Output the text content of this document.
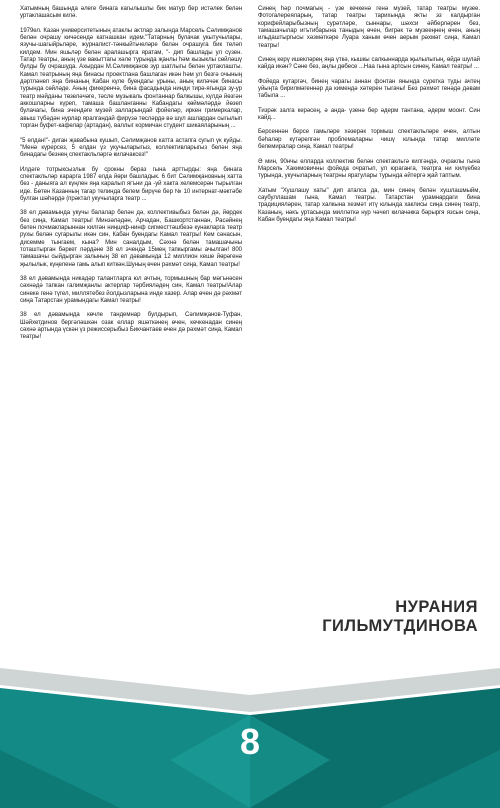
Хатымның башында әлеге бинага кагылышлы бик матур бер истәлек белән уртаклашасым килә.

1979ел. Казан университетының атаклы актлар залында Марсель Сәлимҗанов белән очрашу кичәсендә катнашкан идем."Татарның булачак укытучылары, язучы-шагыйрьләре, журналист-тәнкыйтьчеләре белән очрашуга бик теләп килдем. Мин яшьләр белән аралашырга яратам, "- дип башлады ул сүзен. Татар театры, аның үзе вакыттагы хәле турында җанлы һәм кызыклы сөйләшү булды бу очрашуда. Ахырдан М.Сәлимҗанов зур шатлыгы белән уртаклашты. Камал театрының яңа бинасы проектлана башлаган икән һәм ул безгә очының дәртләнеп яңа бинаның Кабан күле буендагы урыны, аның киләчәк бинасы турында сөйләде. Аның фикеренчә, бина фасадында нинди тирә-ягында зу-ур театр мәйданы төзеләчәге, тәсле музыкаль фонтаннар балкышы, күлдә йөзгән аккошларны күреп, тамаша башланганны Кабандагы көймәләрдә йөзеп булачагы, бина эчендәге музей залларындай фойеләр, иркен гримеркалар, авыш түбәдән нурлар яралгандай фирүзә төсләрдә вә шул ашлардан сыгылып торган буфет-кафелар (артадан), валлыг кормичан студент шикаяларының ...

"5 елдан!"- диган җавабына кушып, Сәлимҗанов катта астапга сугып үк куйды. "Менә күрерсез, 5 елдан үз укучыларыгыз, коллективларыгыз белән яңа бинадагы безнең спектакльләргә килачаксез!"

Илдәге тотрыксызлык бу срокны бераз гына арттырды: яңа бинага спектакльләр карарга 1987 елда йөри башладык. 6 бит Сәлимҗановның хатта без - даныяга ал күңлен яңа каралып ягъни да -уй хакта хелемсерән тырылган иде. Бөтен Казанның тагар телинда белем бирүче бер № 10 интернат-мәктәбе булган шәһәрдә (прәктал укучыларга театр ...

38 ел дәвамында укучы балалар белән дә, коллективыбыз белән дә, йөрдек без сиңа, Камал театры! Минзәләдән, Арчадан, Башкортстаннан, Расәйнең бөтен почмакларыннан килгән ниңциф-нинф сигместтәшбезә кунакларга театр рухы белән сугарылы икән син, Кабан буендагы Камал театры! Кем сәнасын, дисемме тынгаем, кына? Мин саналдым, Сәхнә белән тамашачыны тоташтырган бәркет пәрдәне 38 ел эчендә 15мең тапкыргамы ачылган! 800 тамашачы сыйдырган залының 38 ел дәвамында 12 миллион кеше йөрәгенә җылылык, күңеленә гамь алып киткән.Шуның өчен рәхмәт сиңа, Камал театры!

38 ел дәвамында никадәр талантларга юл ачтың, тормышның бар мәгънәсен сәхнәдә тапкан галимҗанлы актерлар тәрбияләдең син, Камал театры!Алар синеке генә түгел, миллятебез йолдызларына инде хазер. Алар өчен дә рәхмәт сиңа Татарстан урамындагы Камал театры!

38 ел дәвамында көчле тандемнар булдырып, Сәлимҗанов-Туфан, Шәйхетдинов бергәләшкән озак еллар яшәткәнең өчен, кечкенадан синең сәхнә артында үскән үз режиссерыбыз Бикчантаев өчен дә рәхмәт сиңа, Камал театры!

Синең һәр почмагың - үзе кечкенә генә музей, татар театры музее. Фотогалереяларың, татар театры тарихында якты эз калдырган корифейларыбызның сурәтләре, сыннары, шәхси әйберләрен без, тамашачылар игътибарына таныдың өчен, бигрәк тә музееңнең өчен, аның ильдаштыргысы хәзмәткәре Луара ханым өчен аерым рәхмәт сиңа, Камал театры!

Синең керү ишекләрең яңа үткә, кышкы салкыннарда җылылыгың, өйдә шулай кайда икән? Сәне без, аңлы дөбесе ...Наа гына артсын синең, Камал театры! ...

Фойеда кутаргәч, бинең чарагы аннан фонтан янында суретка туды ачтең уйыңта бирилмәгеннәр да кимендә хәтерен тыгачы! Без рәхмәт генәдә дәвам табыла ...

Тизрәк залга керәсең, ә анда- үзенә бер әдерм тантана, әдерм моонт. Син кайд...

Берсеннән берсе гамьләре хәзерәк тормыш спектакльләре өчен, алтын бәһаләр күтәрелгән проблемаларны чишү юлында татар милләте белемиралар сиңа, Камал театры!

Ә мин, 90нчы елларда коллектив белән спектакльгә килгәндә, очраклы гына Марсель Хакимовичны фойеда очратып, ул юраганга, театрга ни килүебез турында, укучыларның театрны яратулары турында әйтергә җай таптым.

Хатым "Хушлашу хаты" дип аталса да, мин синең белән хушлашмыйм, саубуллашам гына, Камал театры. Татарстан урамнардаги бина традицияләрен, татар халкына хезмәт итү юлында хаклисы сиңа синең театр, Казаның, нәкъ уртасында милләткә нур чәчеп килачәкка бәрыргя язсын сиңа, Кабан буендагы яңа Камал театры!

НУРАНИЯ
ГИЛЬМУТДИНОВА
8
